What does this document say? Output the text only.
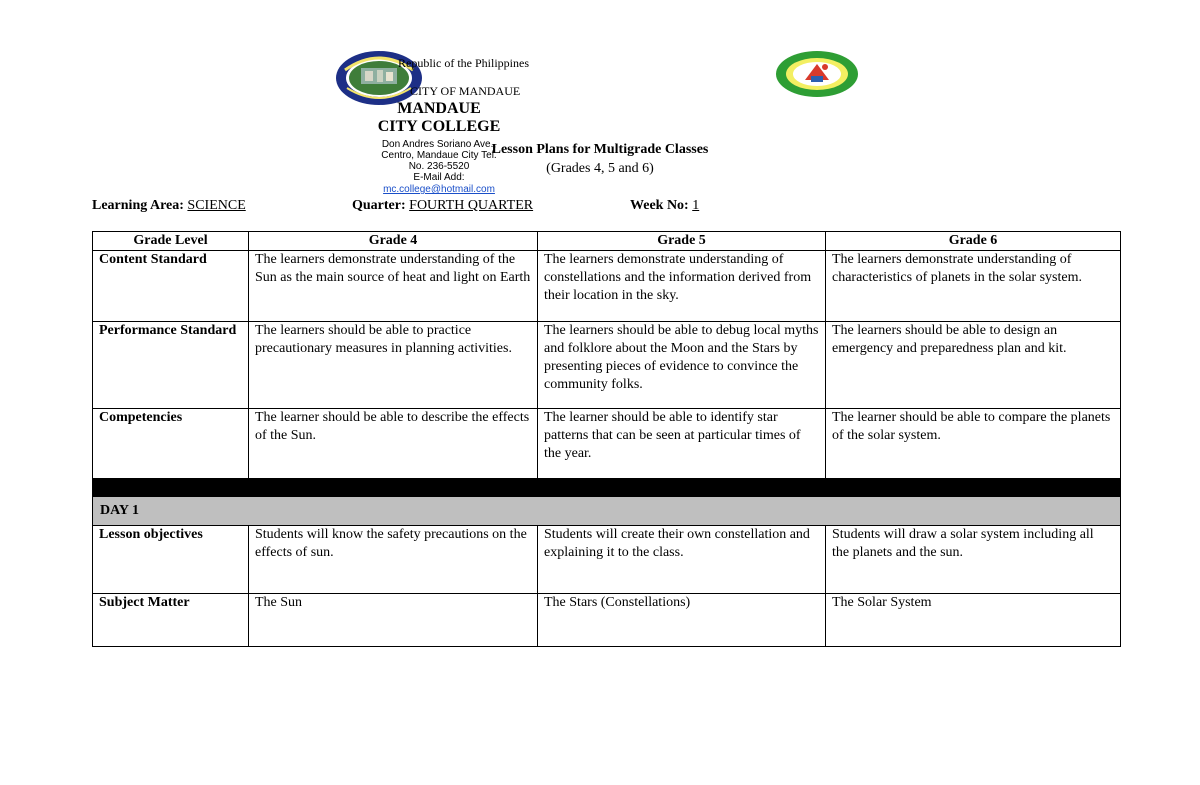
Republic of the Philippines
CITY OF MANDAUE
MANDAUE
CITY COLLEGE
Don Andres Soriano Ave.,
Centro, Mandaue City Tel.
No. 236-5520
E-Mail Add:
mc.college@hotmail.com
Lesson Plans for Multigrade Classes
(Grades 4, 5 and 6)
Learning Area: SCIENCE	Quarter: FOURTH QUARTER	Week No: 1
Grade Level	Grade 4	Grade 5	Grade 6
Content Standard	The learners demonstrate understanding of the Sun as the main source of heat and light on Earth	The learners demonstrate understanding of constellations and the information derived from their location in the sky.	The learners demonstrate understanding of characteristics of planets in the solar system.
Performance Standard	The learners should be able to practice precautionary measures in planning activities.	The learners should be able to debug local myths and folklore about the Moon and the Stars by presenting pieces of evidence to convince the community folks.	The learners should be able to design an emergency and preparedness plan and kit.
Competencies	The learner should be able to describe the effects of the Sun.	The learner should be able to identify star patterns that can be seen at particular times of the year.	The learner should be able to compare the planets of the solar system.

DAY 1			
Lesson objectives	Students will know the safety precautions on the effects of sun.	Students will create their own constellation and explaining it to the class.	Students will draw a solar system including all the planets and the sun.
Subject Matter	The Sun	The Stars (Constellations)	The Solar System
